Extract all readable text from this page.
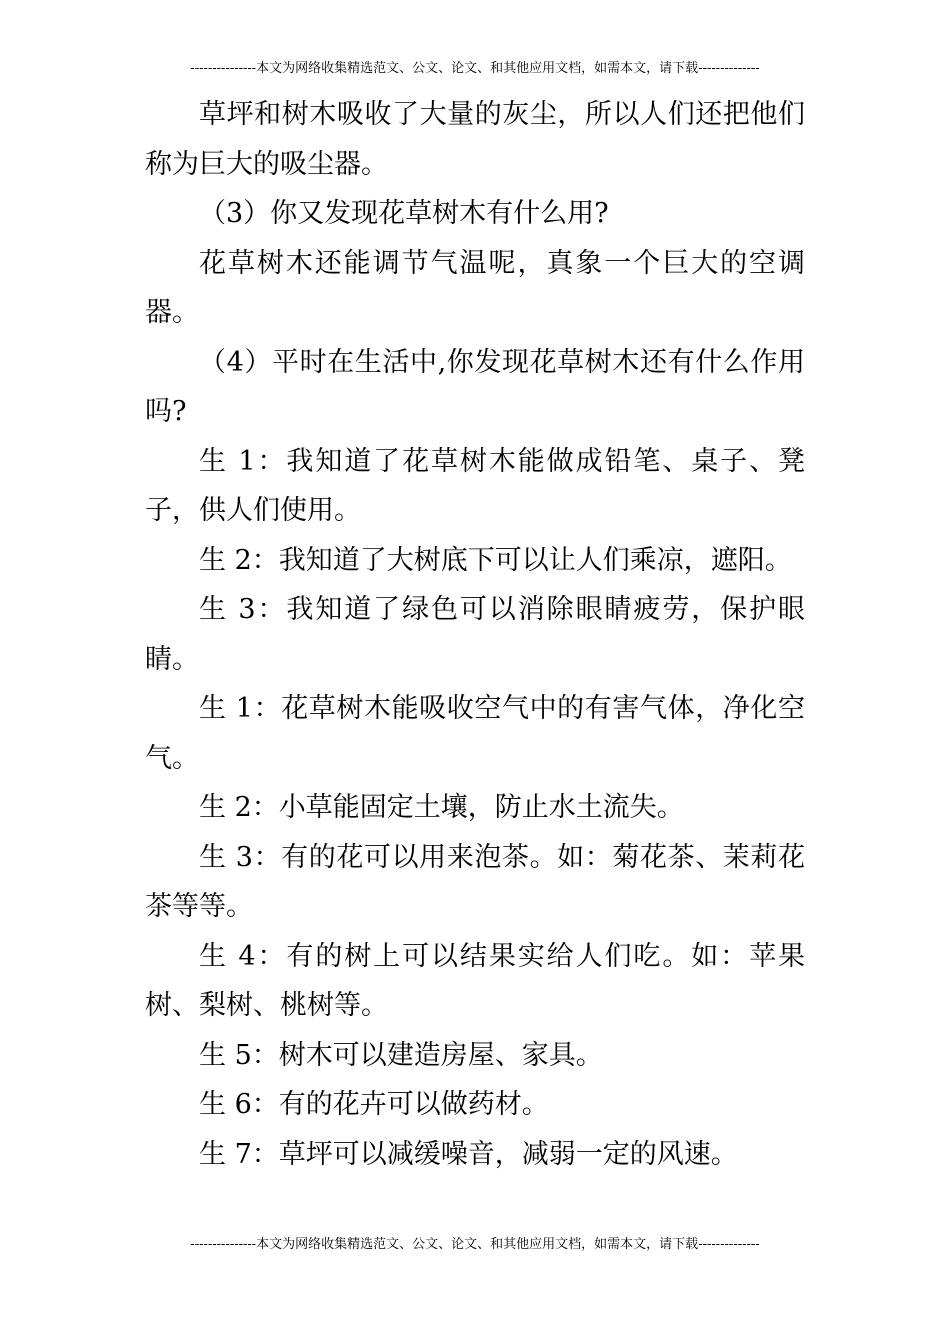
---------------本文为网络收集精选范文、公文、论文、和其他应用文档，如需本文，请下载--------------

草坪和树木吸收了大量的灰尘，所以人们还把他们称为巨大的吸尘器。

（3）你又发现花草树木有什么用?

花草树木还能调节气温呢，真象一个巨大的空调器。

（4）平时在生活中,你发现花草树木还有什么作用吗?

生 1：我知道了花草树木能做成铅笔、桌子、凳子，供人们使用。

生 2：我知道了大树底下可以让人们乘凉，遮阳。

生 3：我知道了绿色可以消除眼睛疲劳，保护眼睛。

生 1：花草树木能吸收空气中的有害气体，净化空气。

生 2：小草能固定土壤，防止水土流失。

生 3：有的花可以用来泡茶。如：菊花茶、茉莉花茶等等。

生 4：有的树上可以结果实给人们吃。如：苹果树、梨树、桃树等。

生 5：树木可以建造房屋、家具。

生 6：有的花卉可以做药材。

生 7：草坪可以减缓噪音，减弱一定的风速。

---------------本文为网络收集精选范文、公文、论文、和其他应用文档，如需本文，请下载--------------
